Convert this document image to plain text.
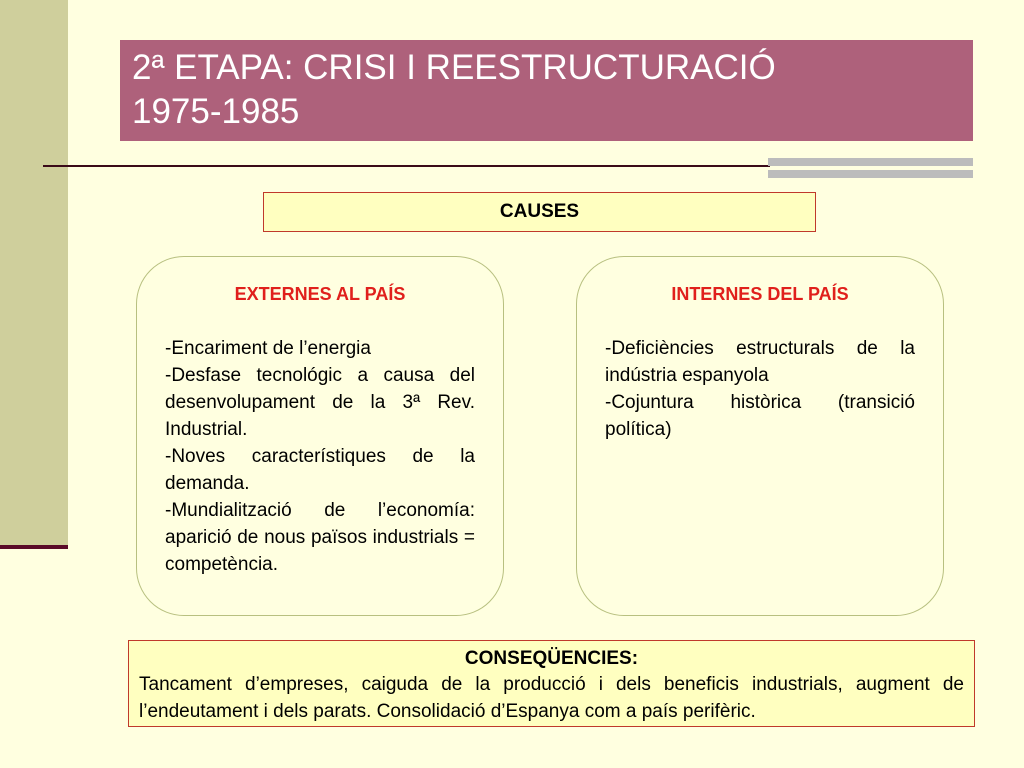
2ª ETAPA: CRISI I REESTRUCTURACIÓ
1975-1985
CAUSES
EXTERNES AL PAÍS
-Encariment de l’energia
-Desfase tecnológic a causa del desenvolupament de la 3ª Rev. Industrial.
-Noves característiques de la demanda.
-Mundialització de l’economía: aparició de nous països industrials = competència.
INTERNES DEL PAÍS
-Deficiències estructurals de la indústria espanyola
-Cojuntura històrica (transició política)
CONSEQÜENCIES:
Tancament d’empreses, caiguda de la producció i dels beneficis industrials, augment de l’endeutament i dels parats. Consolidació d’Espanya com a país perifèric.
